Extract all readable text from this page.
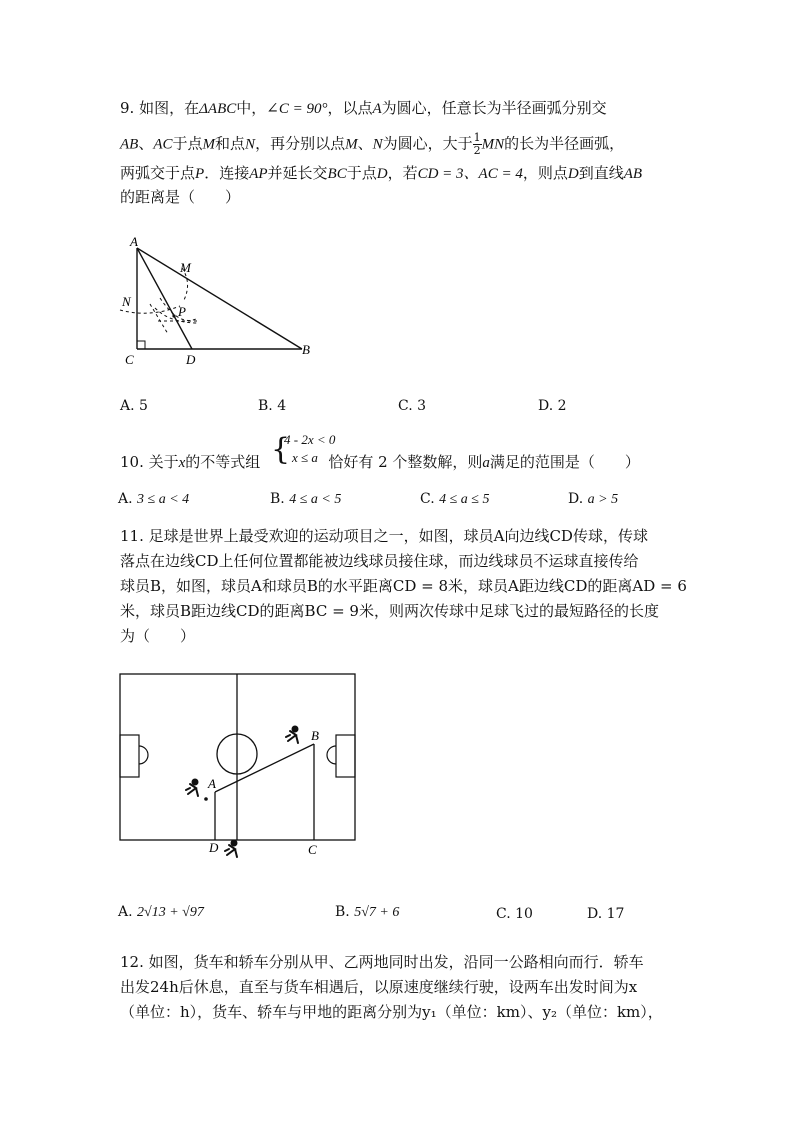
9. 如图，在ΔABC中，∠C = 90°，以点A为圆心，任意长为半径画弧分别交
AB、AC于点M和点N，再分别以点M、N为圆心，大于 $\frac{1}{2}$ MN的长为半径画弧，
两弧交于点P．连接AP并延长交BC于点D，若CD = 3、AC = 4，则点D到直线AB
的距离是（　　）
A
M
N
P
C	D
B
A. 5	B. 4	C. 3	D. 2
10. 关于x的不等式组	恰好有 2 个整数解，则a满足的范围是（　　）
{
4 - 2x < 0
x ≤ a
A. 3 ≤ a < 4	B. 4 ≤ a < 5	C. 4 ≤ a ≤ 5	D. a > 5
11. 足球是世界上最受欢迎的运动项目之一，如图，球员A向边线CD传球，传球
落点在边线CD上任何位置都能被边线球员接住球，而边线球员不运球直接传给
球员B，如图，球员A和球员B的水平距离CD = 8米，球员A距边线CD的距离AD = 6
米，球员B距边线CD的距离BC = 9米，则两次传球中足球飞过的最短路径的长度
为（　　）
A
B
D	C
A. 2√13 + √97	B. 5√7 + 6	C. 10	D. 17
12. 如图，货车和轿车分别从甲、乙两地同时出发，沿同一公路相向而行．轿车
出发24h后休息，直至与货车相遇后，以原速度继续行驶，设两车出发时间为x
（单位：h），货车、轿车与甲地的距离分别为y₁（单位：km）、y₂（单位：km），
